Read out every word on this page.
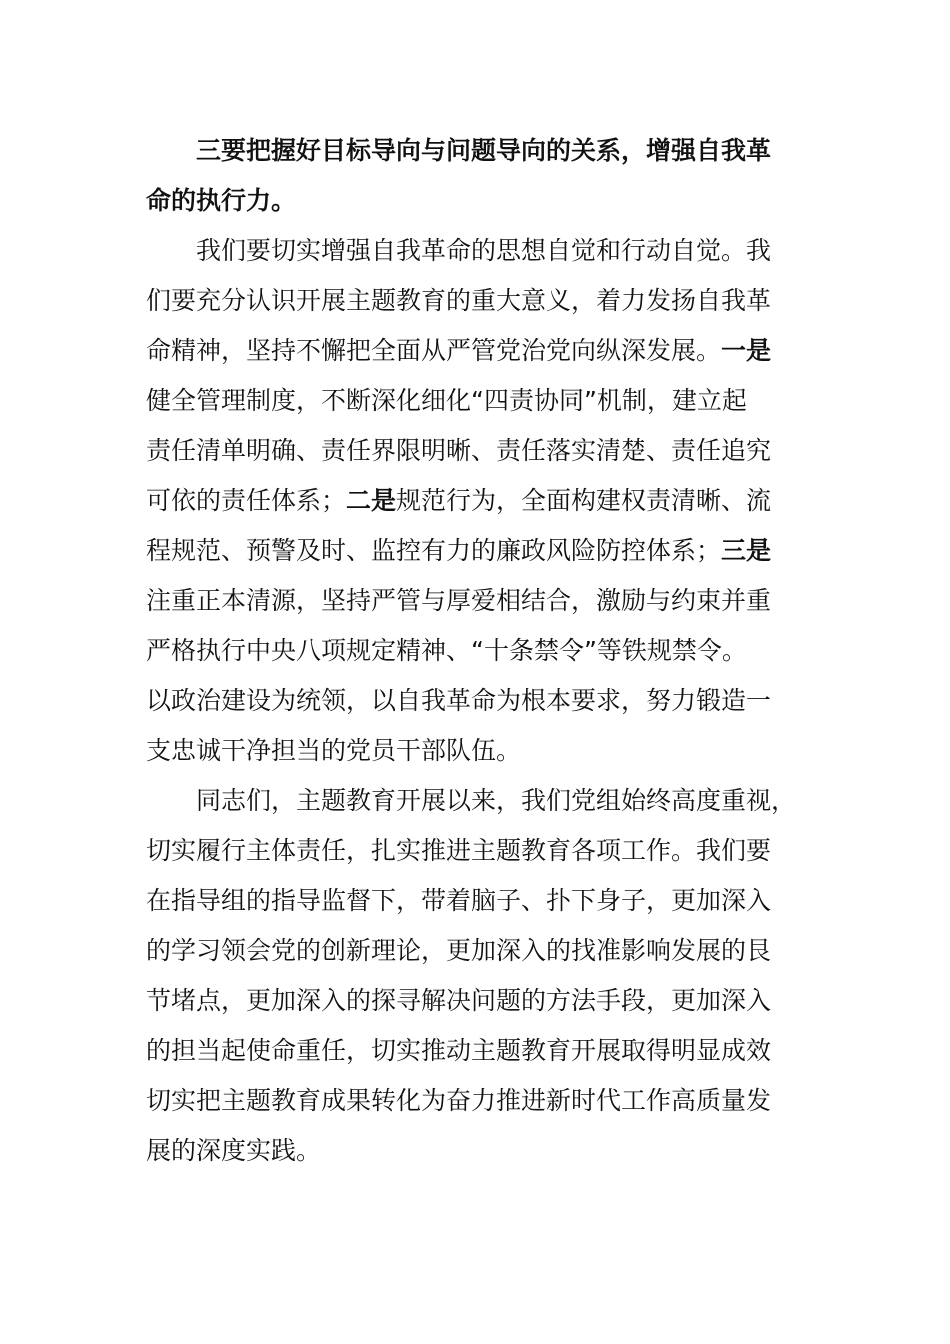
三要把握好目标导向与问题导向的关系，增强自我革
命的执行力。
我们要切实增强自我革命的思想自觉和行动自觉。我
们要充分认识开展主题教育的重大意义，着力发扬自我革
命精神，坚持不懈把全面从严管党治党向纵深发展。一是
健全管理制度，不断深化细化“四责协同”机制，建立起
责任清单明确、责任界限明晰、责任落实清楚、责任追究
可依的责任体系；二是规范行为，全面构建权责清晰、流
程规范、预警及时、监控有力的廉政风险防控体系；三是
注重正本清源，坚持严管与厚爱相结合，激励与约束并重
严格执行中央八项规定精神、“十条禁令”等铁规禁令。
以政治建设为统领，以自我革命为根本要求，努力锻造一
支忠诚干净担当的党员干部队伍。
同志们，主题教育开展以来，我们党组始终高度重视，
切实履行主体责任，扎实推进主题教育各项工作。我们要
在指导组的指导监督下，带着脑子、扑下身子，更加深入
的学习领会党的创新理论，更加深入的找准影响发展的艮
节堵点，更加深入的探寻解决问题的方法手段，更加深入
的担当起使命重任，切实推动主题教育开展取得明显成效
切实把主题教育成果转化为奋力推进新时代工作高质量发
展的深度实践。
